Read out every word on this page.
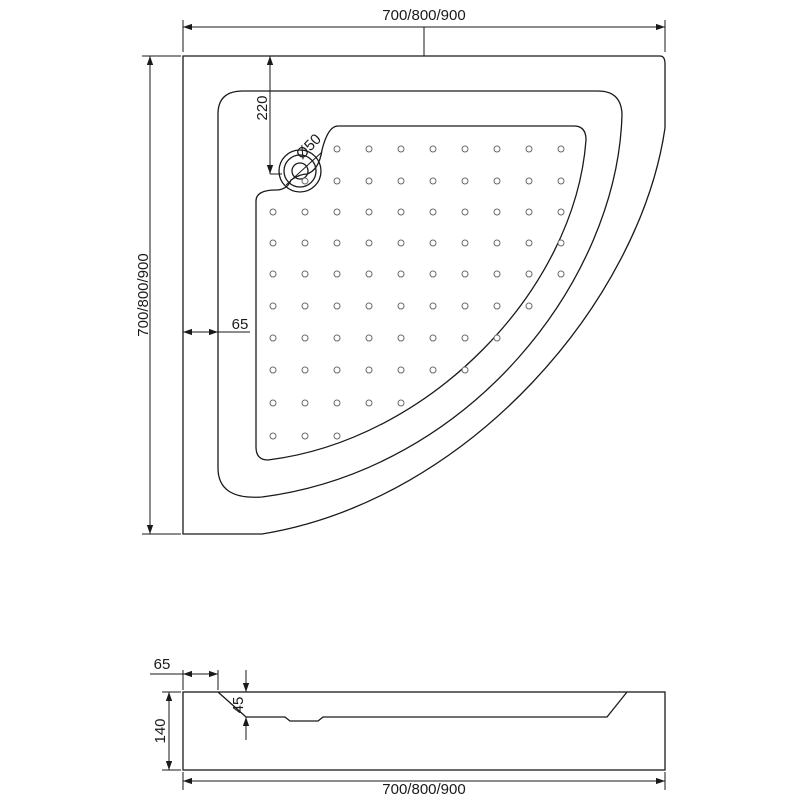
700/800/900
700/800/900
220
Ø50
65
65
45
140
700/800/900
